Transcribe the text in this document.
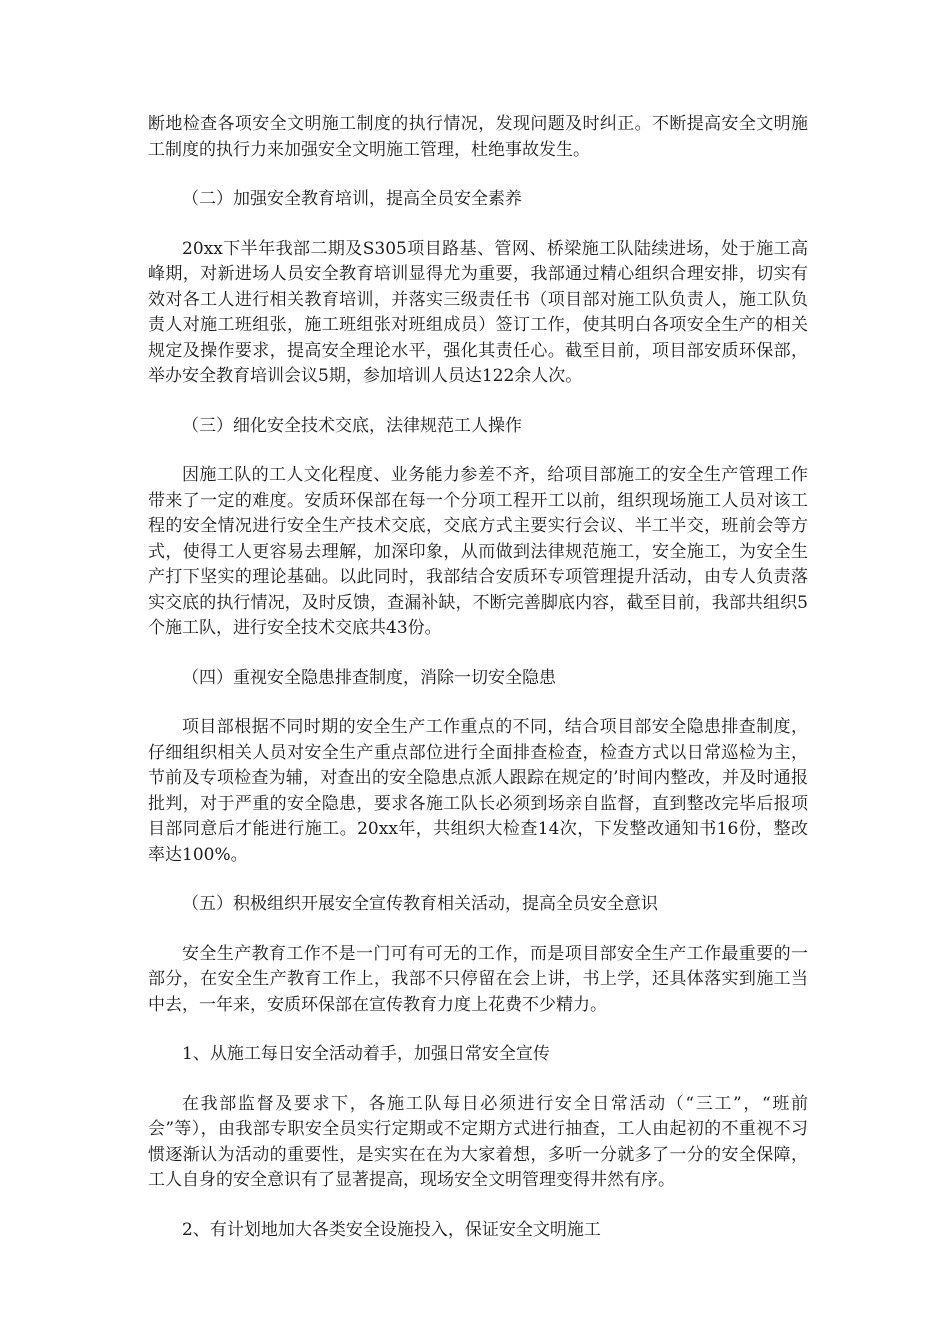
断地检查各项安全文明施工制度的执行情况，发现问题及时纠正。不断提高安全文明施工制度的执行力来加强安全文明施工管理，杜绝事故发生。

（二）加强安全教育培训，提高全员安全素养

20xx下半年我部二期及S305项目路基、管网、桥梁施工队陆续进场，处于施工高峰期，对新进场人员安全教育培训显得尤为重要，我部通过精心组织合理安排，切实有效对各工人进行相关教育培训，并落实三级责任书（项目部对施工队负责人，施工队负责人对施工班组张，施工班组张对班组成员）签订工作，使其明白各项安全生产的相关规定及操作要求，提高安全理论水平，强化其责任心。截至目前，项目部安质环保部，举办安全教育培训会议5期，参加培训人员达122余人次。

（三）细化安全技术交底，法律规范工人操作

因施工队的工人文化程度、业务能力参差不齐，给项目部施工的安全生产管理工作带来了一定的难度。安质环保部在每一个分项工程开工以前，组织现场施工人员对该工程的安全情况进行安全生产技术交底，交底方式主要实行会议、半工半交，班前会等方式，使得工人更容易去理解，加深印象，从而做到法律规范施工，安全施工，为安全生产打下坚实的理论基础。以此同时，我部结合安质环专项管理提升活动，由专人负责落实交底的执行情况，及时反馈，查漏补缺，不断完善脚底内容，截至目前，我部共组织5个施工队，进行安全技术交底共43份。

（四）重视安全隐患排查制度，消除一切安全隐患

项目部根据不同时期的安全生产工作重点的不同，结合项目部安全隐患排查制度，仔细组织相关人员对安全生产重点部位进行全面排查检查，检查方式以日常巡检为主，节前及专项检查为辅，对查出的安全隐患点派人跟踪在规定的’时间内整改，并及时通报批判，对于严重的安全隐患，要求各施工队长必须到场亲自监督，直到整改完毕后报项目部同意后才能进行施工。20xx年，共组织大检查14次，下发整改通知书16份，整改率达100%。

（五）积极组织开展安全宣传教育相关活动，提高全员安全意识

安全生产教育工作不是一门可有可无的工作，而是项目部安全生产工作最重要的一部分，在安全生产教育工作上，我部不只停留在会上讲，书上学，还具体落实到施工当中去，一年来，安质环保部在宣传教育力度上花费不少精力。

1、从施工每日安全活动着手，加强日常安全宣传

在我部监督及要求下，各施工队每日必须进行安全日常活动（“三工”，“班前会”等），由我部专职安全员实行定期或不定期方式进行抽查，工人由起初的不重视不习惯逐渐认为活动的重要性，是实实在在为大家着想，多听一分就多了一分的安全保障，工人自身的安全意识有了显著提高，现场安全文明管理变得井然有序。

2、有计划地加大各类安全设施投入，保证安全文明施工
